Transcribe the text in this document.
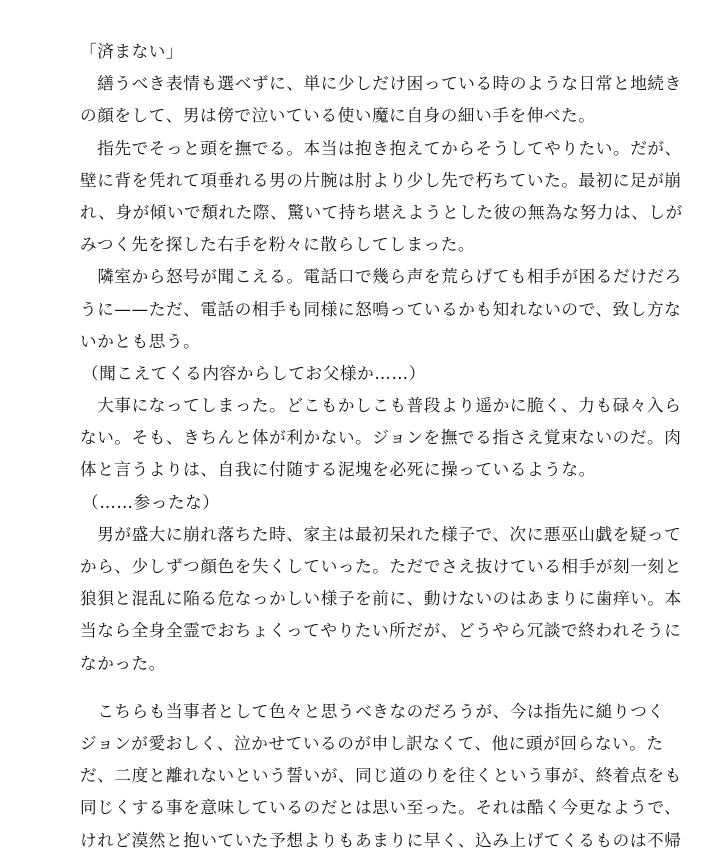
「済まない」
　繕うべき表情も選べずに、単に少しだけ困っている時のような日常と地続き
の顔をして、男は傍で泣いている使い魔に自身の細い手を伸べた。
　指先でそっと頭を撫でる。本当は抱き抱えてからそうしてやりたい。だが、
壁に背を凭れて項垂れる男の片腕は肘より少し先で朽ちていた。最初に足が崩
れ、身が傾いで頽れた際、驚いて持ち堪えようとした彼の無為な努力は、しが
みつく先を探した右手を粉々に散らしてしまった。
　隣室から怒号が聞こえる。電話口で幾ら声を荒らげても相手が困るだけだろ
うに——ただ、電話の相手も同様に怒鳴っているかも知れないので、致し方な
いかとも思う。
（聞こえてくる内容からしてお父様か……）
　大事になってしまった。どこもかしこも普段より遥かに脆く、力も碌々入ら
ない。そも、きちんと体が利かない。ジョンを撫でる指さえ覚束ないのだ。肉
体と言うよりは、自我に付随する泥塊を必死に操っているような。
（……参ったな）
　男が盛大に崩れ落ちた時、家主は最初呆れた様子で、次に悪巫山戯を疑って
から、少しずつ顔色を失くしていった。ただでさえ抜けている相手が刻一刻と
狼狽と混乱に陥る危なっかしい様子を前に、動けないのはあまりに歯痒い。本
当なら全身全霊でおちょくってやりたい所だが、どうやら冗談で終われそうに
なかった。
　こちらも当事者として色々と思うべきなのだろうが、今は指先に縋りつく
ジョンが愛おしく、泣かせているのが申し訳なくて、他に頭が回らない。た
だ、二度と離れないという誓いが、同じ道のりを往くという事が、終着点をも
同じくする事を意味しているのだとは思い至った。それは酷く今更なようで、
けれど漠然と抱いていた予想よりもあまりに早く、込み上げてくるものは不帰
